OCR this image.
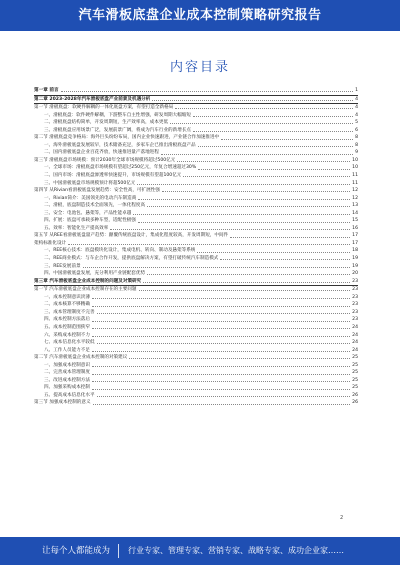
汽车滑板底盘企业成本控制策略研究报告
内容目录
第一章 前言	1
第二章 2023-2028年汽车滑板底盘产业前景及机遇分析	4
第一节 滑板底盘：软硬件解耦的一体化底盘方案，有望打造全新格局	4
一、滑板底盘：软件硬件解耦，下游整车自主性增强，研发周期大幅缩短	4
二、滑板底盘结构简单，开发周期短，生产效率高，成本更低	5
三、滑板底盘应用场景广泛，发展前景广阔，将成为汽车行业的新增长点	6
第二节 滑板底盘竞争格局：海外巨头纷纷布局，国内企业快速跟进，产业链合作加速推进中	8
一、海外滑板底盘发展较早，技术储备充足，多家车企已推出滑板底盘产品	8
二、国内滑板底盘企业百花齐放，快速推进量产落地进程	9
第三节 滑板底盘市场规模：预计2030年全球市场规模将超过500亿元	10
一、全球市场：滑板底盘市场规模有望超过250亿元，年复合增速超过30%	10
二、国内市场：滑板底盘渗透率快速提升，市场规模有望超100亿元	11
三、中国滑板底盘市场规模预计将超500亿元	11
第四节 从Rivian看滑板底盘发展趋势：安全性高，可扩展性强	12
一、Rivian简介：美国领先的电动汽车制造商	12
二、滑板，底盘制造技术全面领先，一体化程度高	13
三、安全：电池包、悬架等，产品性能卓越	14
四、扩展：底盘可承载多种车型，适配性极强	15
五、效率：智能化生产提高效率	16
第五节 从REE看滑板底盘量产趋势：颠覆传统底盘设计，集成化程度较高，开发周期短，中间件	17
架构标准化设计	17
一、REE核心技术：底盘模块化设计，集成电机、转向、制动及悬架等系统	18
二、REE商业模式：与车企合作开发，提供底盘解决方案，有望打破传统汽车制造模式	19
三、REE发展前景	19
四、中国滑板底盘发展，充分利用产业链配套优势	20
第三章 汽车滑板底盘企业成本控制的问题及对策研究	23
第一节 汽车滑板底盘企业成本控制存在的主要问题	23
一、成本控制意识淡薄	23
二、成本核算不够精确	23
三、成本管理制度不完善	23
四、成本控制方法落后	23
五、成本控制范围狭窄	24
六、采购成本控制不力	24
七、成本信息化水平较低	24
八、工作人员能力不足	24
第二节 汽车滑板底盘企业成本控制的对策建议	25
一、加强成本控制意识	25
二、完善成本管理制度	25
三、改进成本控制方法	25
四、加强采购成本控制	25
五、提高成本信息化水平	26
第三节 加强成本控制的意义	26
2
让每个人都能成为 行业专家、管理专家、营销专家、战略专家、成功企业家……
